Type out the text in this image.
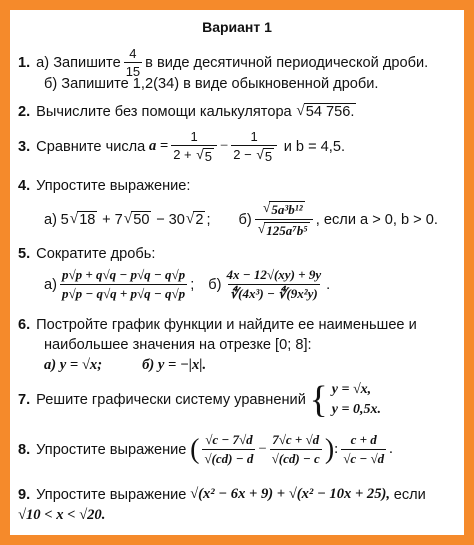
Вариант 1
1. а) Запишите $\frac{4}{15}$ в виде десятичной периодической дроби.
б) Запишите 1,2(34) в виде обыкновенной дроби.
2. Вычислите без помощи калькулятора
√ 54 756.
3. Сравните числа
$a = \frac{1}{2 + √ 5} - \frac{1}{2 - √ 5}$
и b = 4,5.
4. Упростите выражение:
а)
5 √ 18
+ 7 √ 50
− 30 √ 2 ; $б) \frac{\text{√ 5a³b¹²}}{\text{√ 125a⁷b⁵}}$ , если a > 0, b > 0.
5. Сократите дробь:
$а) \frac{p√p + q√q - p√q - q√p}{p√p - q√q + p√q - q√p}$ ; $б) \frac{4x - 12√(xy) + 9y}{\text{∜(4x³) − ∜(9x²y)}}$ .
6. Постройте график функции и найдите ее наименьшее и
наибольшее значения на отрезке [0; 8]:
а) y = √x;	б) y = −|x|.
7. Решите графически систему уравнений
{ y = √x,
y = 0,5x.
8. Упростите выражение
( $\frac{√c - 7√d}{√(cd) - d} - \frac{7√c + √d}{√(cd) - c}$ ) : $\frac{c + d}{√c - √d}$ .
9. Упростите выражение
√(x² − 6x + 9) + √(x² − 10x + 25),
если
√10 < x < √20.
